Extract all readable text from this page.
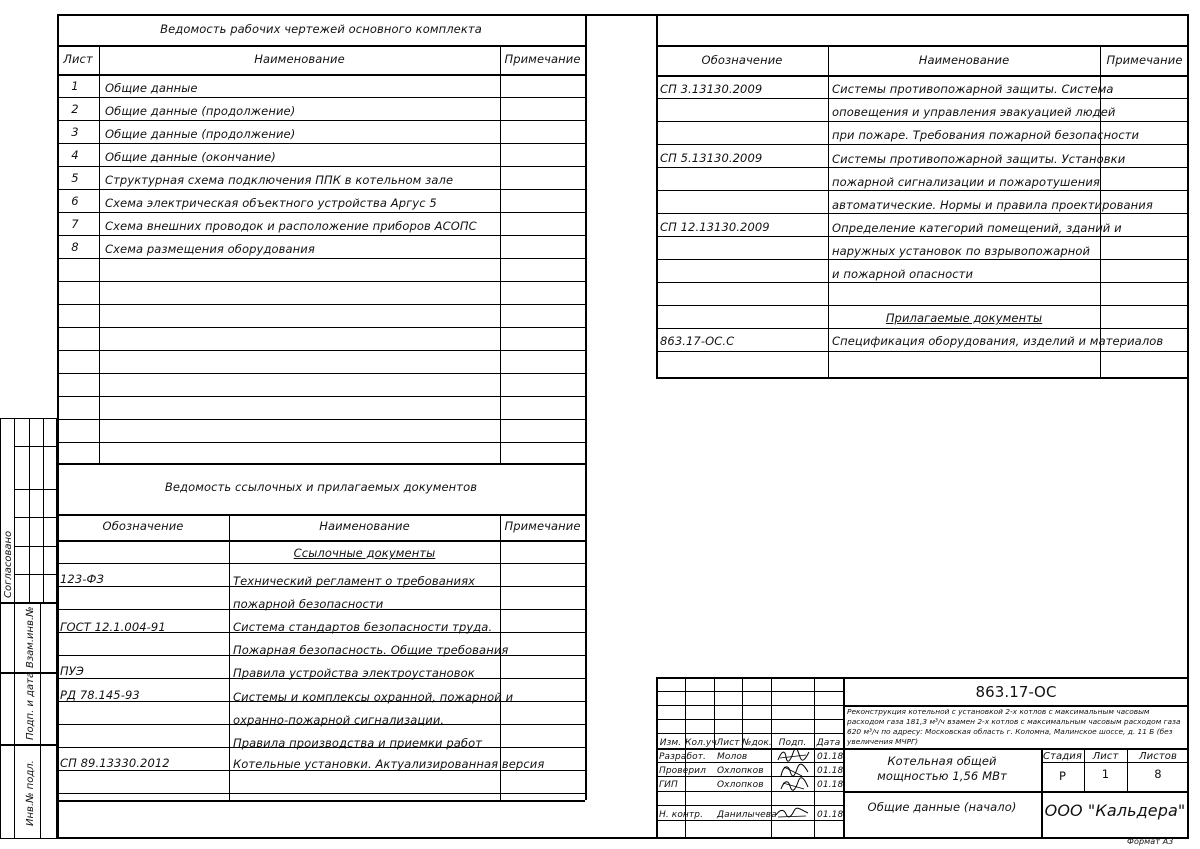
Ведомость рабочих чертежей основного комплекта
Лист	Наименование	Примечание
1	Общие данные
2	Общие данные (продолжение)
3	Общие данные (продолжение)
4	Общие данные (окончание)
5	Структурная схема подключения ППК в котельном зале
6	Схема электрическая объектного устройства Аргус 5
7	Схема внешних проводок и расположение приборов АСОПС
8	Схема размещения оборудования
Ведомость ссылочных и прилагаемых документов
Обозначение	Наименование	Примечание
Ссылочные документы
123-ФЗ	Технический регламент о требованиях
пожарной безопасности
ГОСТ 12.1.004-91	Система стандартов безопасности труда.
Пожарная безопасность. Общие требования
ПУЭ	Правила устройства электроустановок
РД 78.145-93	Системы и комплексы охранной, пожарной и
охранно-пожарной сигнализации.
Правила производства и приемки работ
СП 89.13330.2012	Котельные установки. Актуализированная версия
Обозначение	Наименование	Примечание
СП 3.13130.2009	Системы противопожарной защиты. Система
оповещения и управления эвакуацией людей
при пожаре. Требования пожарной безопасности
СП 5.13130.2009	Системы противопожарной защиты. Установки
пожарной сигнализации и пожаротушения
автоматические. Нормы и правила проектирования
СП 12.13130.2009	Определение категорий помещений, зданий и
наружных установок по взрывопожарной
и пожарной опасности
Прилагаемые документы
863.17-ОС.С	Спецификация оборудования, изделий и материалов
Согласовано
Взам.инв.№
Подп. и дата
Инв.№ подл.
Изм. Кол.уч Лист №док. Подп.	Дата
Разработ. Молов	01.18
Проверил Охлопков	01.18
ГИП	Охлопков	01.18
Н. контр. Данилычева	01.18
863.17-ОС
Реконструкция котельной с установкой 2-х котлов с максимальным часовым расходом газа 181,3 м³/ч взамен 2-х котлов с максимальным часовым расходом газа 620 м³/ч по адресу: Московская область г. Коломна, Малинское шоссе, д. 11 Б (без увеличения МЧРГ)
Котельная общей
мощностью 1,56 МВт
Стадия	Лист	Листов
Р	1	8
Общие данные (начало)	ООО "Кальдера"
Формат А3
